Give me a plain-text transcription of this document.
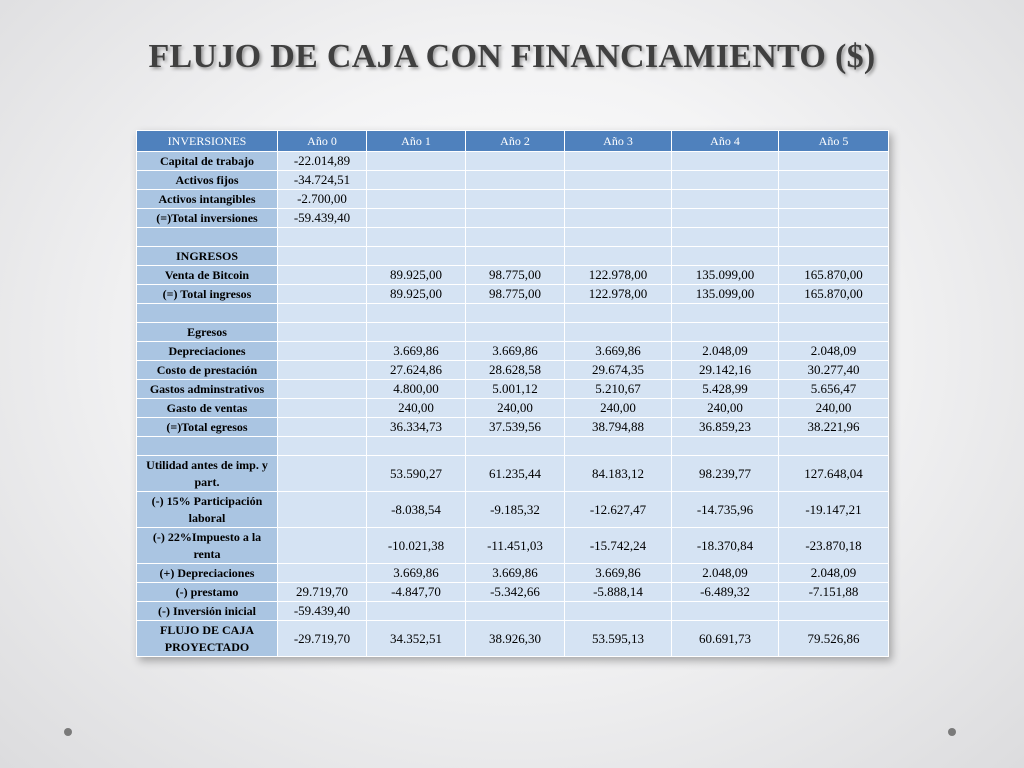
FLUJO DE CAJA CON FINANCIAMIENTO ($)
INVERSIONES	Año 0	Año 1	Año 2	Año 3	Año 4	Año 5
Capital de trabajo	-22.014,89					
Activos fijos	-34.724,51					
Activos intangibles	-2.700,00					
(=)Total inversiones	-59.439,40					

INGRESOS						
Venta de Bitcoin		89.925,00	98.775,00	122.978,00	135.099,00	165.870,00
(=) Total ingresos		89.925,00	98.775,00	122.978,00	135.099,00	165.870,00

Egresos						
Depreciaciones		3.669,86	3.669,86	3.669,86	2.048,09	2.048,09
Costo de prestación		27.624,86	28.628,58	29.674,35	29.142,16	30.277,40
Gastos adminstrativos		4.800,00	5.001,12	5.210,67	5.428,99	5.656,47
Gasto de ventas		240,00	240,00	240,00	240,00	240,00
(=)Total egresos		36.334,73	37.539,56	38.794,88	36.859,23	38.221,96

Utilidad antes de imp. y part.		53.590,27	61.235,44	84.183,12	98.239,77	127.648,04
(-) 15% Participación laboral		-8.038,54	-9.185,32	-12.627,47	-14.735,96	-19.147,21
(-) 22%Impuesto a la renta		-10.021,38	-11.451,03	-15.742,24	-18.370,84	-23.870,18
(+) Depreciaciones		3.669,86	3.669,86	3.669,86	2.048,09	2.048,09
(-) prestamo	29.719,70	-4.847,70	-5.342,66	-5.888,14	-6.489,32	-7.151,88
(-) Inversión inicial	-59.439,40					
FLUJO DE CAJA PROYECTADO	-29.719,70	34.352,51	38.926,30	53.595,13	60.691,73	79.526,86
